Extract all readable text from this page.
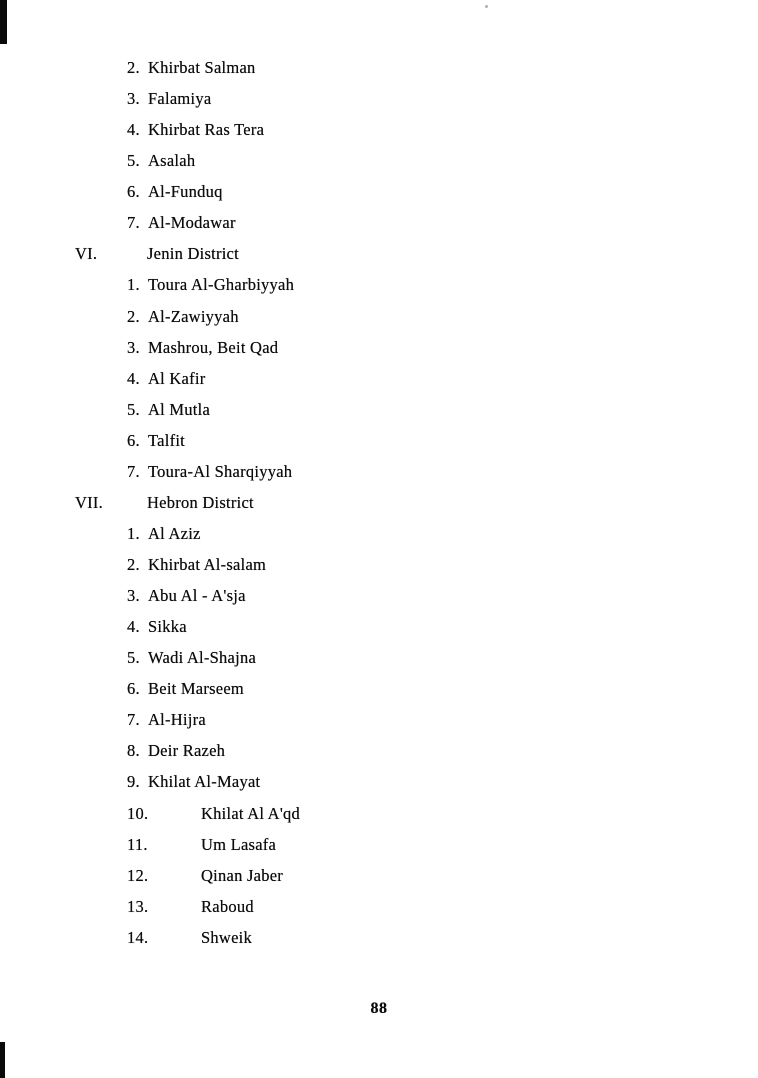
2. Khirbat Salman
3. Falamiya
4. Khirbat Ras Tera
5. Asalah
6. Al-Funduq
7. Al-Modawar
VI.	Jenin District
1. Toura Al-Gharbiyyah
2. Al-Zawiyyah
3. Mashrou, Beit Qad
4. Al Kafir
5. Al Mutla
6. Talfit
7. Toura-Al Sharqiyyah
VII.	Hebron District
1. Al Aziz
2. Khirbat Al-salam
3. Abu Al - A'sja
4. Sikka
5. Wadi Al-Shajna
6. Beit Marseem
7. Al-Hijra
8. Deir Razeh
9. Khilat Al-Mayat
10.	Khilat Al A'qd
11.	Um Lasafa
12.	Qinan Jaber
13.	Raboud
14.	Shweik
88
